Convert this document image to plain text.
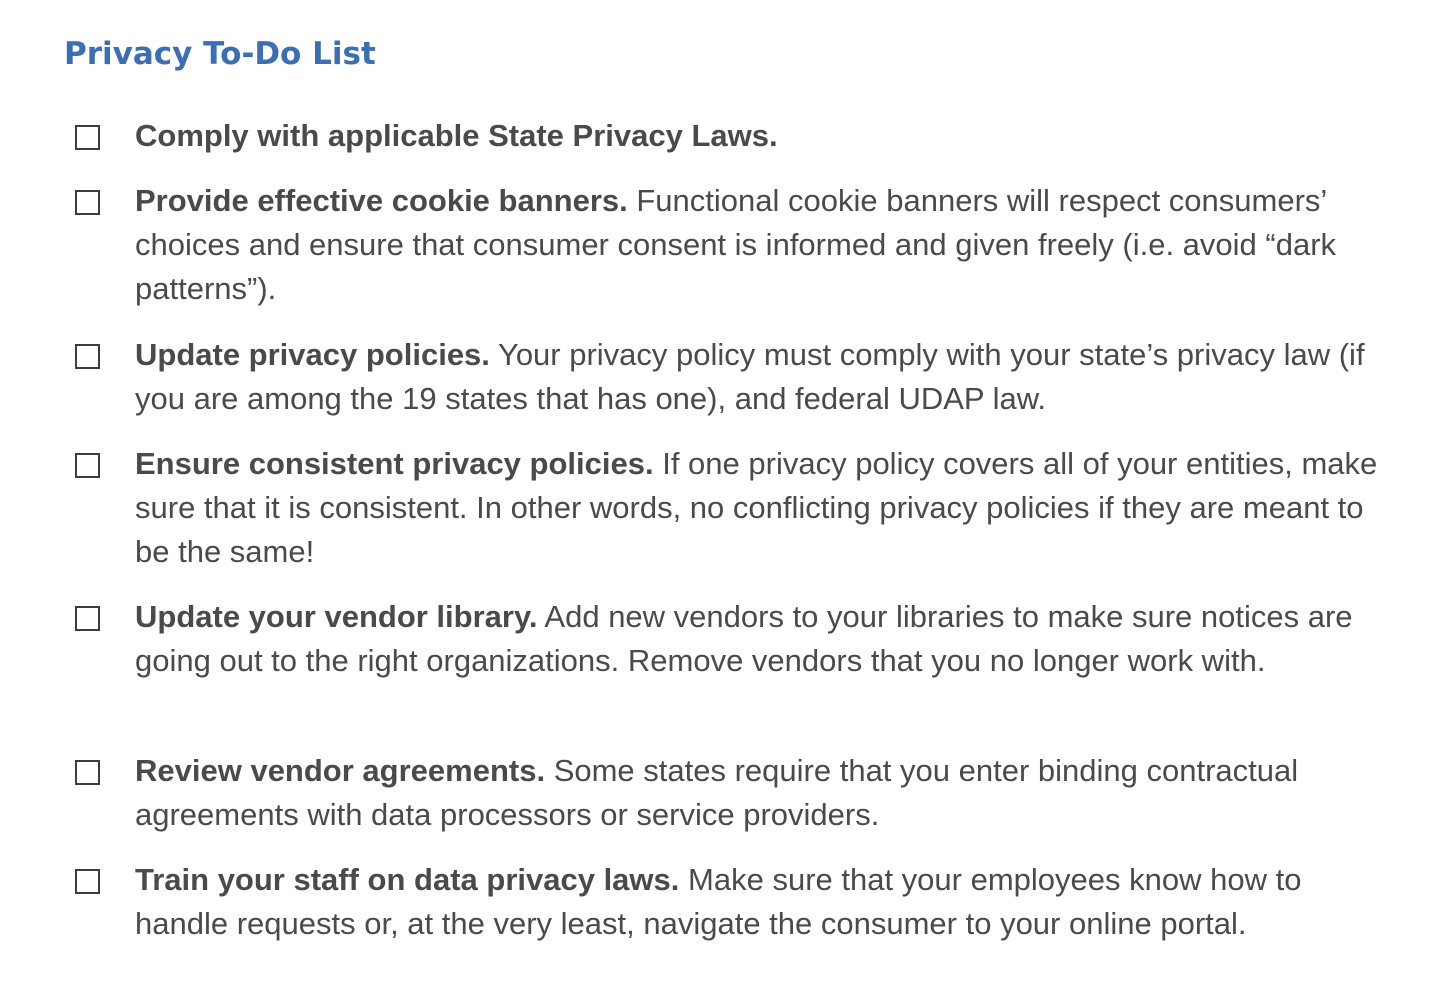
Privacy To-Do List

Comply with applicable State Privacy Laws.

Provide effective cookie banners. Functional cookie banners will respect consumers’ choices and ensure that consumer consent is informed and given freely (i.e. avoid “dark patterns”).

Update privacy policies. Your privacy policy must comply with your state’s privacy law (if you are among the 19 states that has one), and federal UDAP law.

Ensure consistent privacy policies. If one privacy policy covers all of your entities, make sure that it is consistent. In other words, no conflicting privacy policies if they are meant to be the same!

Update your vendor library. Add new vendors to your libraries to make sure notices are going out to the right organizations. Remove vendors that you no longer work with.

Review vendor agreements. Some states require that you enter binding contractual agreements with data processors or service providers.

Train your staff on data privacy laws. Make sure that your employees know how to handle requests or, at the very least, navigate the consumer to your online portal.
